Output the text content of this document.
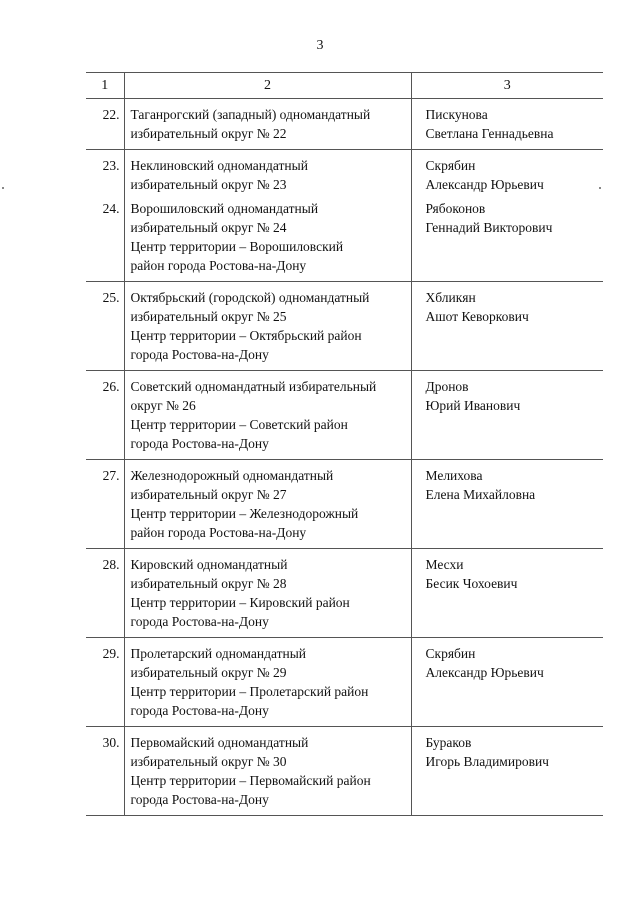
3
1	2	3
22.	Таганрогский (западный) одномандатный
избирательный округ № 22	Пискунова
Светлана Геннадьевна

23.	Неклиновский одномандатный
избирательный округ № 23	Скрябин
Александр Юрьевич

24.	Ворошиловский одномандатный
избирательный округ № 24
Центр территории – Ворошиловский
район города Ростова-на-Дону	Рябоконов
Геннадий Викторович

25.	Октябрьский (городской) одномандатный
избирательный округ № 25
Центр территории – Октябрьский район
города Ростова-на-Дону	Хбликян
Ашот Кеворкович

26.	Советский одномандатный избирательный
округ № 26
Центр территории – Советский район
города Ростова-на-Дону	Дронов
Юрий Иванович

27.	Железнодорожный одномандатный
избирательный округ № 27
Центр территории – Железнодорожный
район города Ростова-на-Дону	Мелихова
Елена Михайловна

28.	Кировский одномандатный
избирательный округ № 28
Центр территории – Кировский район
города Ростова-на-Дону	Месхи
Бесик Чохоевич

29.	Пролетарский одномандатный
избирательный округ № 29
Центр территории – Пролетарский район
города Ростова-на-Дону	Скрябин
Александр Юрьевич

30.	Первомайский одномандатный
избирательный округ № 30
Центр территории – Первомайский район
города Ростова-на-Дону	Бураков
Игорь Владимирович
